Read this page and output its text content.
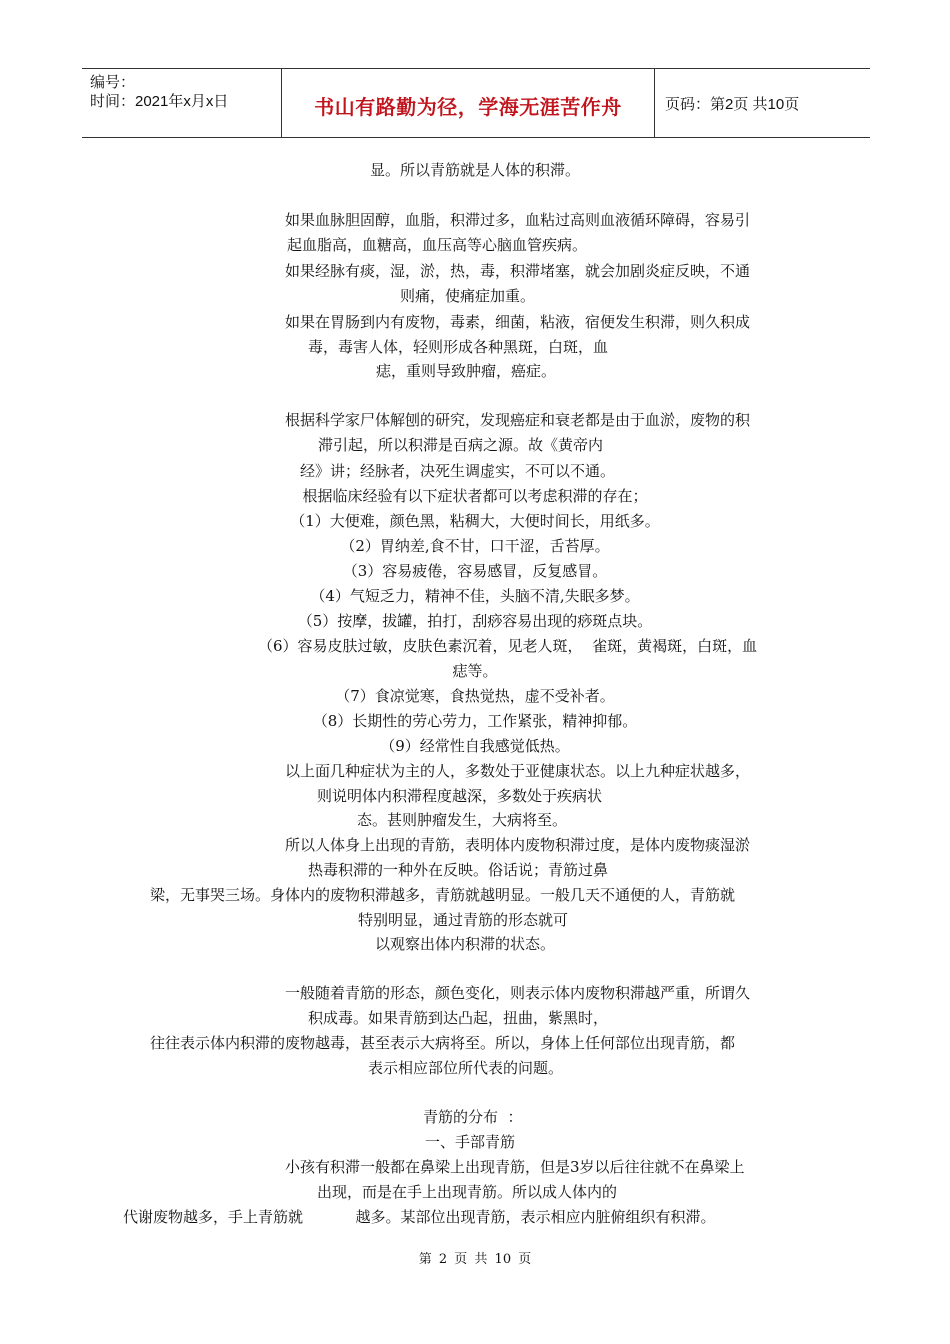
编号：
时间：2021年x月x日	书山有路勤为径，学海无涯苦作舟	页码：第2页 共10页
显。所以青筋就是人体的积滞。
如果血脉胆固醇，血脂，积滞过多，血粘过高则血液循环障碍，容易引
起血脂高，血糖高，血压高等心脑血管疾病。
如果经脉有痰，湿，淤，热，毒，积滞堵塞，就会加剧炎症反映，不通
则痛，使痛症加重。
如果在胃肠到内有废物，毒素，细菌，粘液，宿便发生积滞，则久积成
毒，毒害人体，轻则形成各种黑斑，白斑，血
痣，重则导致肿瘤，癌症。
根据科学家尸体解刨的研究，发现癌症和衰老都是由于血淤，废物的积
滞引起，所以积滞是百病之源。故《黄帝内
经》讲；经脉者，决死生调虚实，不可以不通。
根据临床经验有以下症状者都可以考虑积滞的存在；
（1）大便难，颜色黑，粘稠大，大便时间长，用纸多。
（2）胃纳差,食不甘，口干涩，舌苔厚。
（3）容易疲倦，容易感冒，反复感冒。
（4）气短乏力，精神不佳，头脑不清,失眠多梦。
（5）按摩，拔罐，拍打，刮痧容易出现的痧斑点块。
（6）容易皮肤过敏，皮肤色素沉着，见老人斑，  雀斑，黄褐斑，白斑，血
痣等。
（7）食凉觉寒，食热觉热，虚不受补者。
（8）长期性的劳心劳力，工作紧张，精神抑郁。
（9）经常性自我感觉低热。
以上面几种症状为主的人，多数处于亚健康状态。以上九种症状越多，
则说明体内积滞程度越深，多数处于疾病状
态。甚则肿瘤发生，大病将至。
所以人体身上出现的青筋，表明体内废物积滞过度，是体内废物痰湿淤
热毒积滞的一种外在反映。俗话说；青筋过鼻
梁，无事哭三场。身体内的废物积滞越多，青筋就越明显。一般几天不通便的人，青筋就
特别明显，通过青筋的形态就可
以观察出体内积滞的状态。
一般随着青筋的形态，颜色变化，则表示体内废物积滞越严重，所谓久
积成毒。如果青筋到达凸起，扭曲，紫黑时，
往往表示体内积滞的废物越毒，甚至表示大病将至。所以，身体上任何部位出现青筋，都
表示相应部位所代表的问题。
青筋的分布  ：
一、手部青筋
小孩有积滞一般都在鼻梁上出现青筋，但是3岁以后往往就不在鼻梁上
出现，而是在手上出现青筋。所以成人体内的
代谢废物越多，手上青筋就           越多。某部位出现青筋，表示相应内脏俯组织有积滞。
第 2 页 共 10 页
